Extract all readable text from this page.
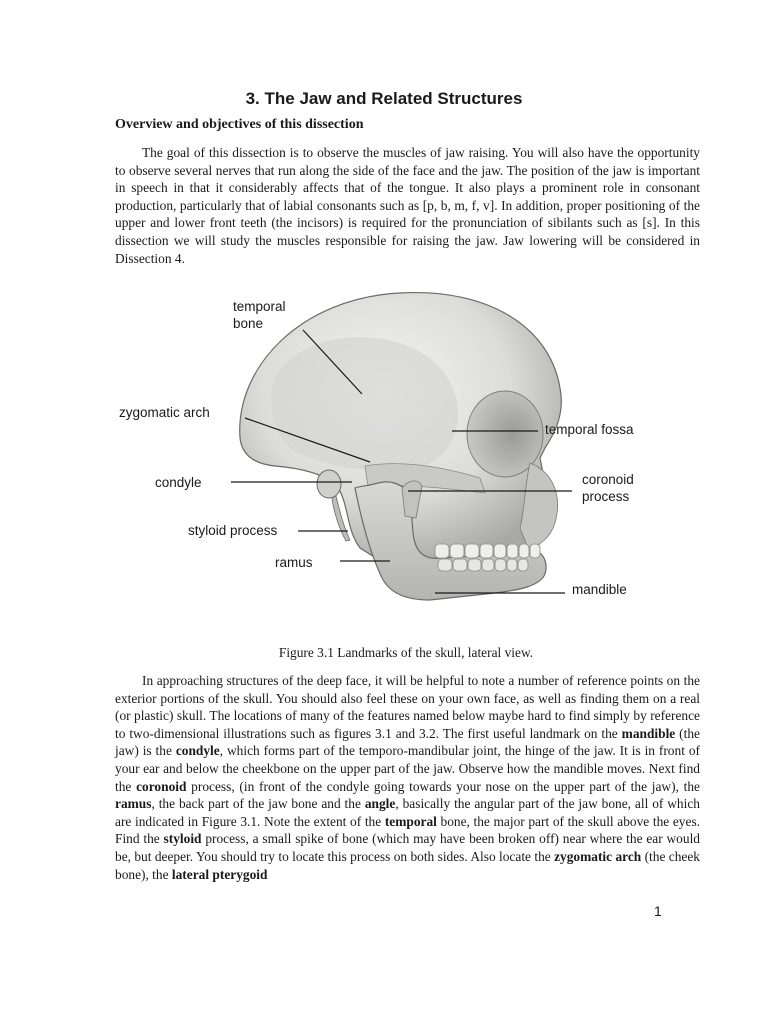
3. The Jaw and Related Structures
Overview and objectives of this dissection

The goal of this dissection is to observe the muscles of jaw raising. You will also have the opportunity to observe several nerves that run along the side of the face and the jaw. The position of the jaw is important in speech in that it considerably affects that of the tongue. It also plays a prominent role in consonant production, particularly that of labial consonants such as [p, b, m, f, v]. In addition, proper positioning of the upper and lower front teeth (the incisors) is required for the pronunciation of sibilants such as [s]. In this dissection we will study the muscles responsible for raising the jaw. Jaw lowering will be considered in Dissection 4.

temporal
bone
zygomatic arch
temporal fossa
condyle	coronoid
process
styloid process
ramus
mandible
Figure 3.1 Landmarks of the skull, lateral view.

In approaching structures of the deep face, it will be helpful to note a number of reference points on the exterior portions of the skull. You should also feel these on your own face, as well as finding them on a real (or plastic) skull. The locations of many of the features named below maybe hard to find simply by reference to two-dimensional illustrations such as figures 3.1 and 3.2. The first useful landmark on the mandible (the jaw) is the condyle, which forms part of the temporo-mandibular joint, the hinge of the jaw. It is in front of your ear and below the cheekbone on the upper part of the jaw. Observe how the mandible moves. Next find the coronoid process, (in front of the condyle going towards your nose on the upper part of the jaw), the ramus, the back part of the jaw bone and the angle, basically the angular part of the jaw bone, all of which are indicated in Figure 3.1. Note the extent of the temporal bone, the major part of the skull above the eyes. Find the styloid process, a small spike of bone (which may have been broken off) near where the ear would be, but deeper. You should try to locate this process on both sides. Also locate the zygomatic arch (the cheek bone), the lateral pterygoid

1
